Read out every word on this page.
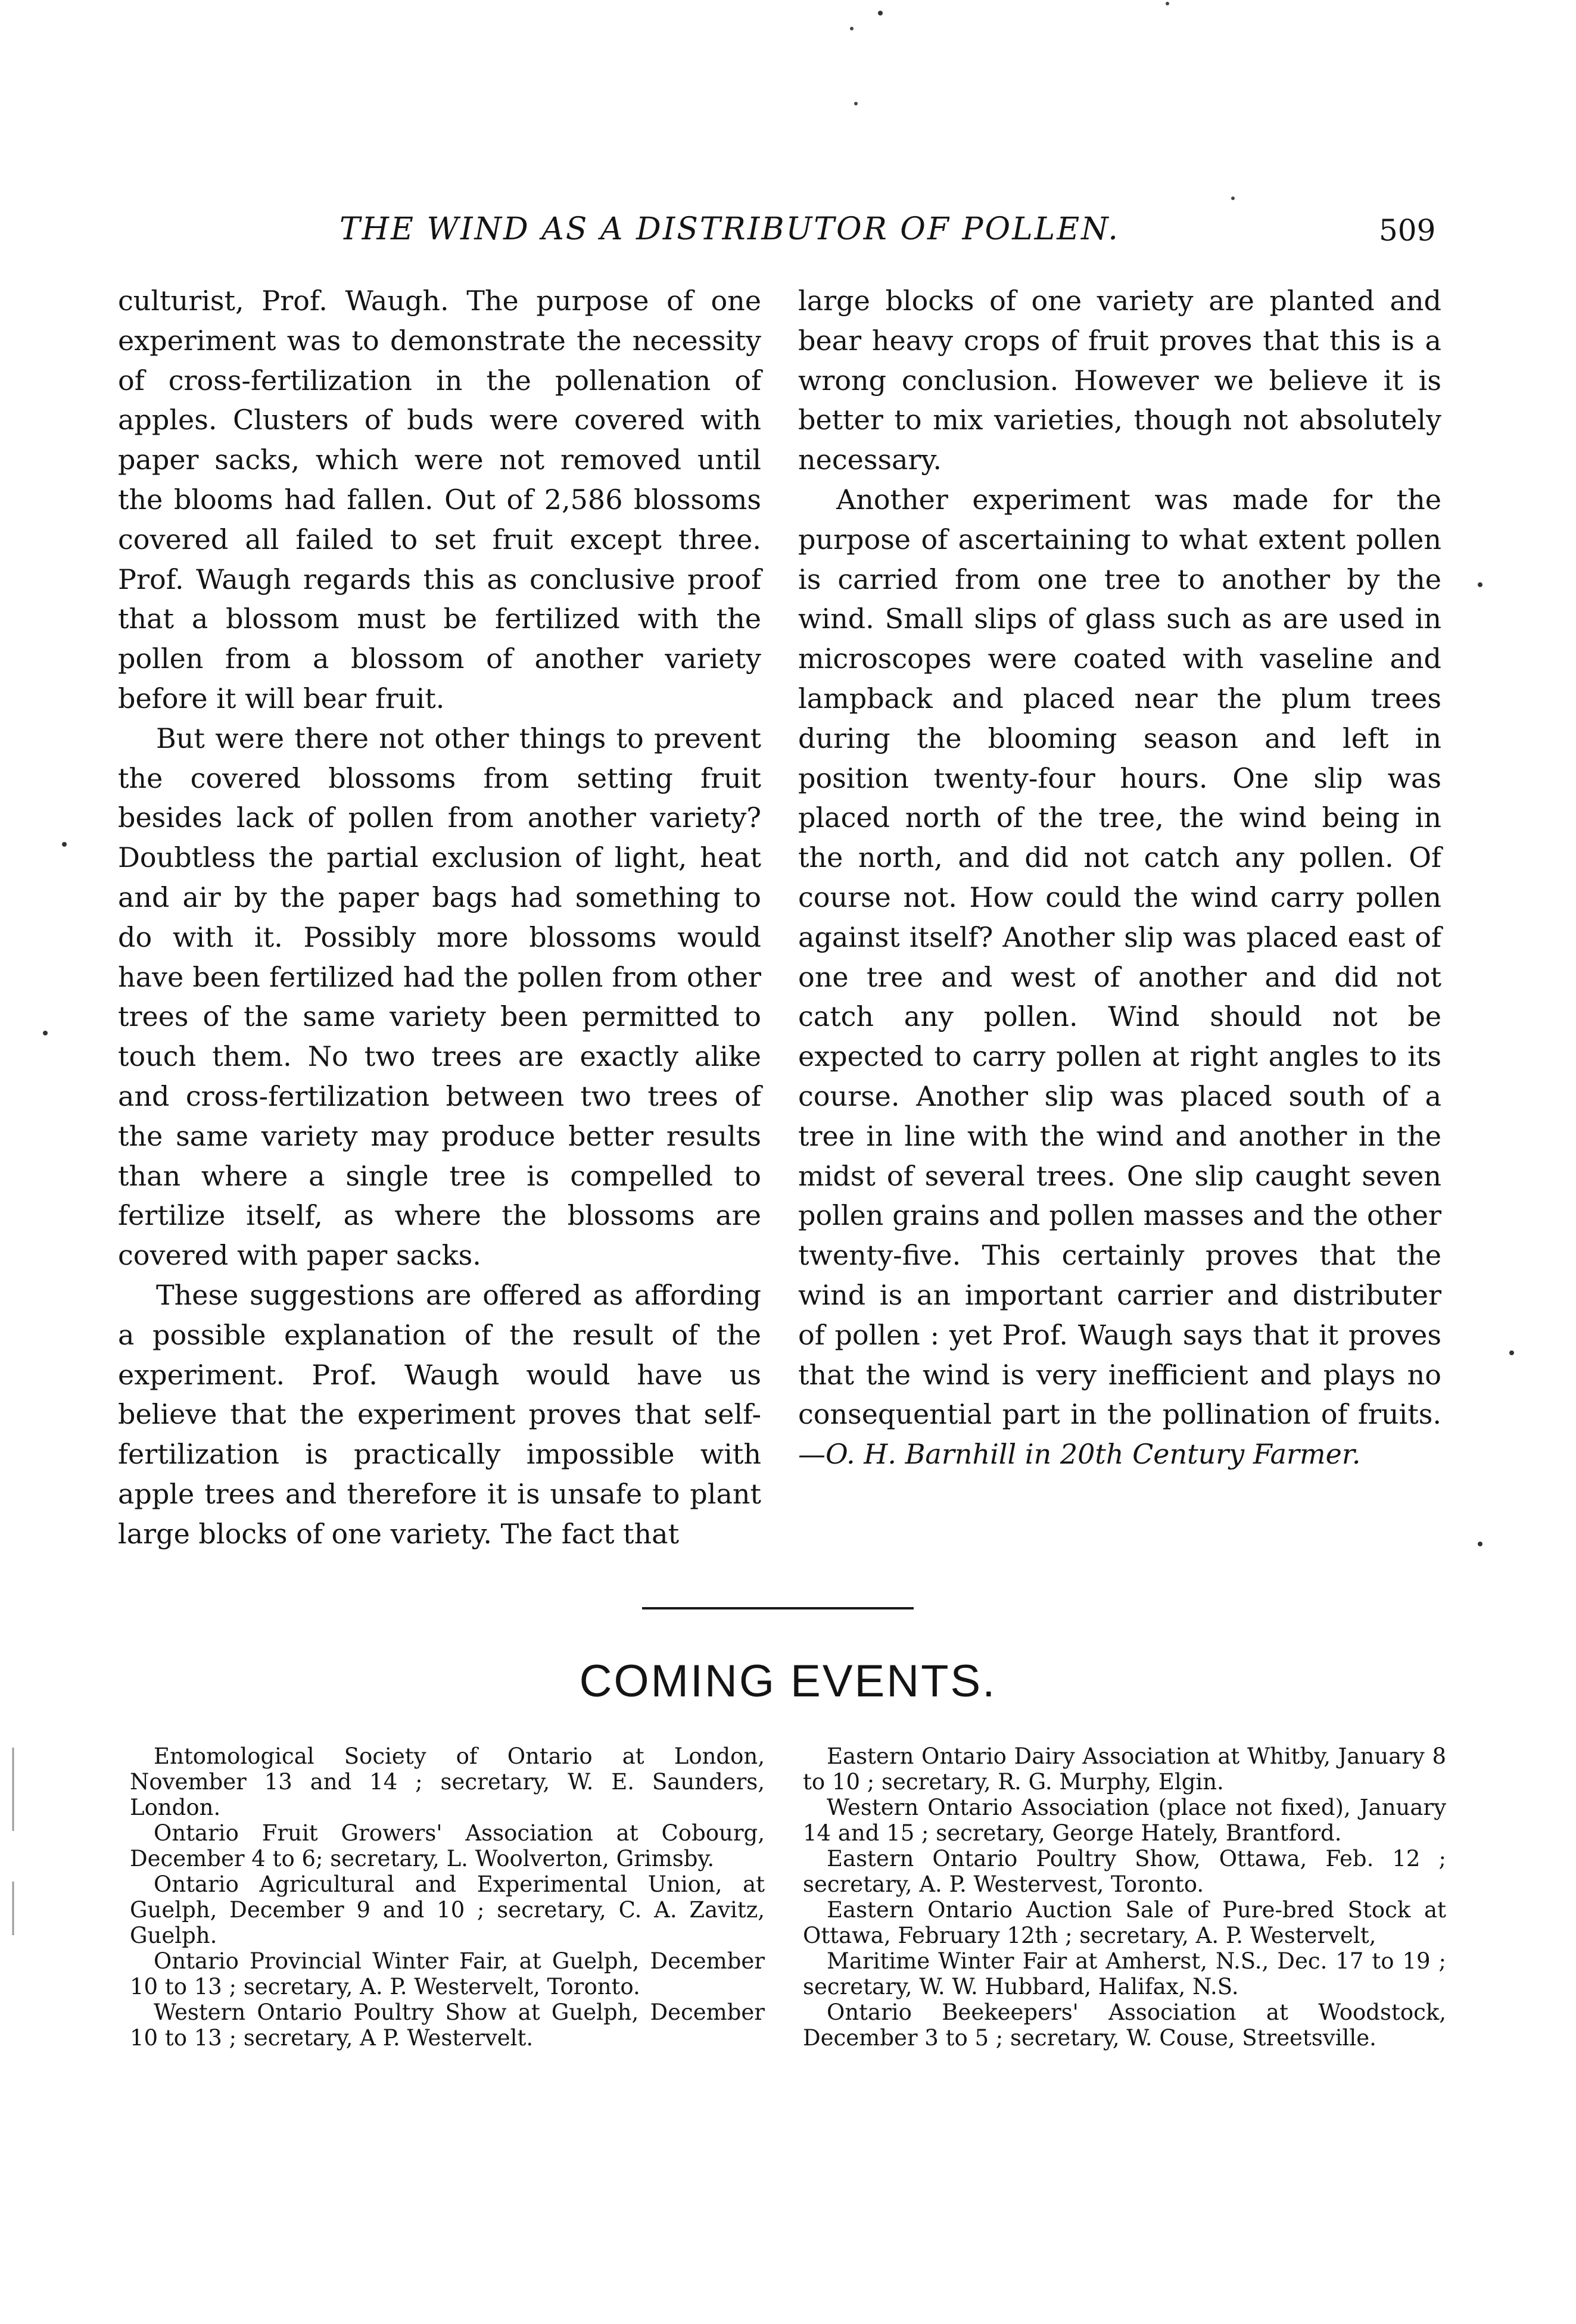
THE WIND AS A DISTRIBUTOR OF POLLEN.	509

culturist, Prof. Waugh. The purpose of one experiment was to demonstrate the necessity of cross-fertilization in the pollenation of apples. Clusters of buds were covered with paper sacks, which were not removed until the blooms had fallen. Out of 2,586 blossoms covered all failed to set fruit except three. Prof. Waugh regards this as conclusive proof that a blossom must be fertilized with the pollen from a blossom of another variety before it will bear fruit.

But were there not other things to prevent the covered blossoms from setting fruit besides lack of pollen from another variety? Doubtless the partial exclusion of light, heat and air by the paper bags had something to do with it. Possibly more blossoms would have been fertilized had the pollen from other trees of the same variety been permitted to touch them. No two trees are exactly alike and cross-fertilization between two trees of the same variety may produce better results than where a single tree is compelled to fertilize itself, as where the blossoms are covered with paper sacks.

These suggestions are offered as affording a possible explanation of the result of the experiment. Prof. Waugh would have us believe that the experiment proves that self-fertilization is practically impossible with apple trees and therefore it is unsafe to plant large blocks of one variety. The fact that

large blocks of one variety are planted and bear heavy crops of fruit proves that this is a wrong conclusion. However we believe it is better to mix varieties, though not absolutely necessary.

Another experiment was made for the purpose of ascertaining to what extent pollen is carried from one tree to another by the wind. Small slips of glass such as are used in microscopes were coated with vaseline and lampback and placed near the plum trees during the blooming season and left in position twenty-four hours. One slip was placed north of the tree, the wind being in the north, and did not catch any pollen. Of course not. How could the wind carry pollen against itself? Another slip was placed east of one tree and west of another and did not catch any pollen. Wind should not be expected to carry pollen at right angles to its course. Another slip was placed south of a tree in line with the wind and another in the midst of several trees. One slip caught seven pollen grains and pollen masses and the other twenty-five. This certainly proves that the wind is an important carrier and distributer of pollen : yet Prof. Waugh says that it proves that the wind is very inefficient and plays no consequential part in the pollination of fruits.—O. H. Barnhill in 20th Century Farmer.

COMING EVENTS.

Entomological Society of Ontario at London, November 13 and 14 ; secretary, W. E. Saunders, London.

Ontario Fruit Growers' Association at Cobourg, December 4 to 6; secretary, L. Woolverton, Grimsby.

Ontario Agricultural and Experimental Union, at Guelph, December 9 and 10 ; secretary, C. A. Zavitz, Guelph.

Ontario Provincial Winter Fair, at Guelph, December 10 to 13 ; secretary, A. P. Westervelt, Toronto.

Western Ontario Poultry Show at Guelph, December 10 to 13 ; secretary, A P. Westervelt.

Eastern Ontario Dairy Association at Whitby, January 8 to 10 ; secretary, R. G. Murphy, Elgin.

Western Ontario Association (place not fixed), January 14 and 15 ; secretary, George Hately, Brantford.

Eastern Ontario Poultry Show, Ottawa, Feb. 12 ; secretary, A. P. Westervest, Toronto.

Eastern Ontario Auction Sale of Pure-bred Stock at Ottawa, February 12th ; secretary, A. P. Westervelt,

Maritime Winter Fair at Amherst, N.S., Dec. 17 to 19 ; secretary, W. W. Hubbard, Halifax, N.S.

Ontario Beekeepers' Association at Woodstock, December 3 to 5 ; secretary, W. Couse, Streetsville.
